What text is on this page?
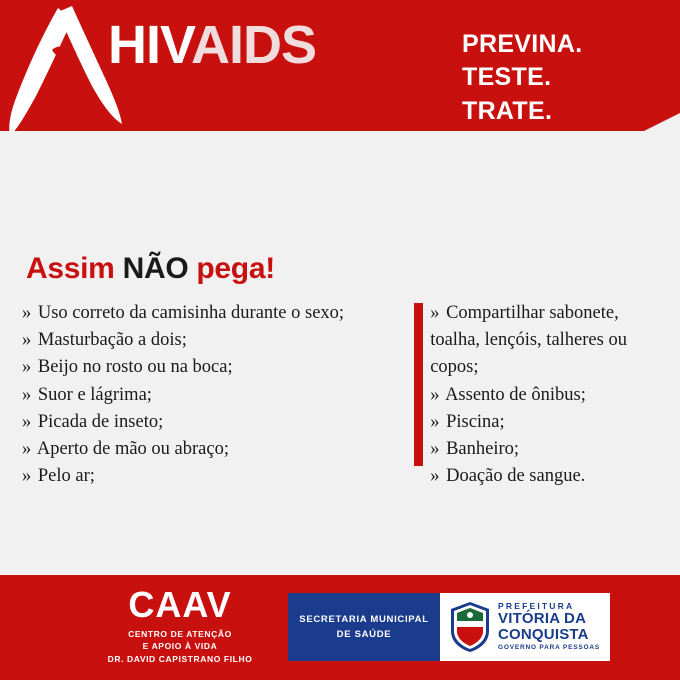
HIVAIDS	PREVINA.
TESTE.
TRATE.
Assim NÃO pega!
» Uso correto da camisinha durante o sexo;
» Masturbação a dois;
» Beijo no rosto ou na boca;
» Suor e lágrima;
» Picada de inseto;
» Aperto de mão ou abraço;
» Pelo ar;
» Compartilhar sabonete, toalha, lençóis, talheres ou copos;
» Assento de ônibus;
» Piscina;
» Banheiro;
» Doação de sangue.
CAAV
CENTRO DE ATENÇÃO
E APOIO À VIDA
DR. DAVID CAPISTRANO FILHO
SECRETARIA MUNICIPAL
DE SAÚDE
PREFEITURA
VITÓRIA DA
CONQUISTA
GOVERNO PARA PESSOAS
